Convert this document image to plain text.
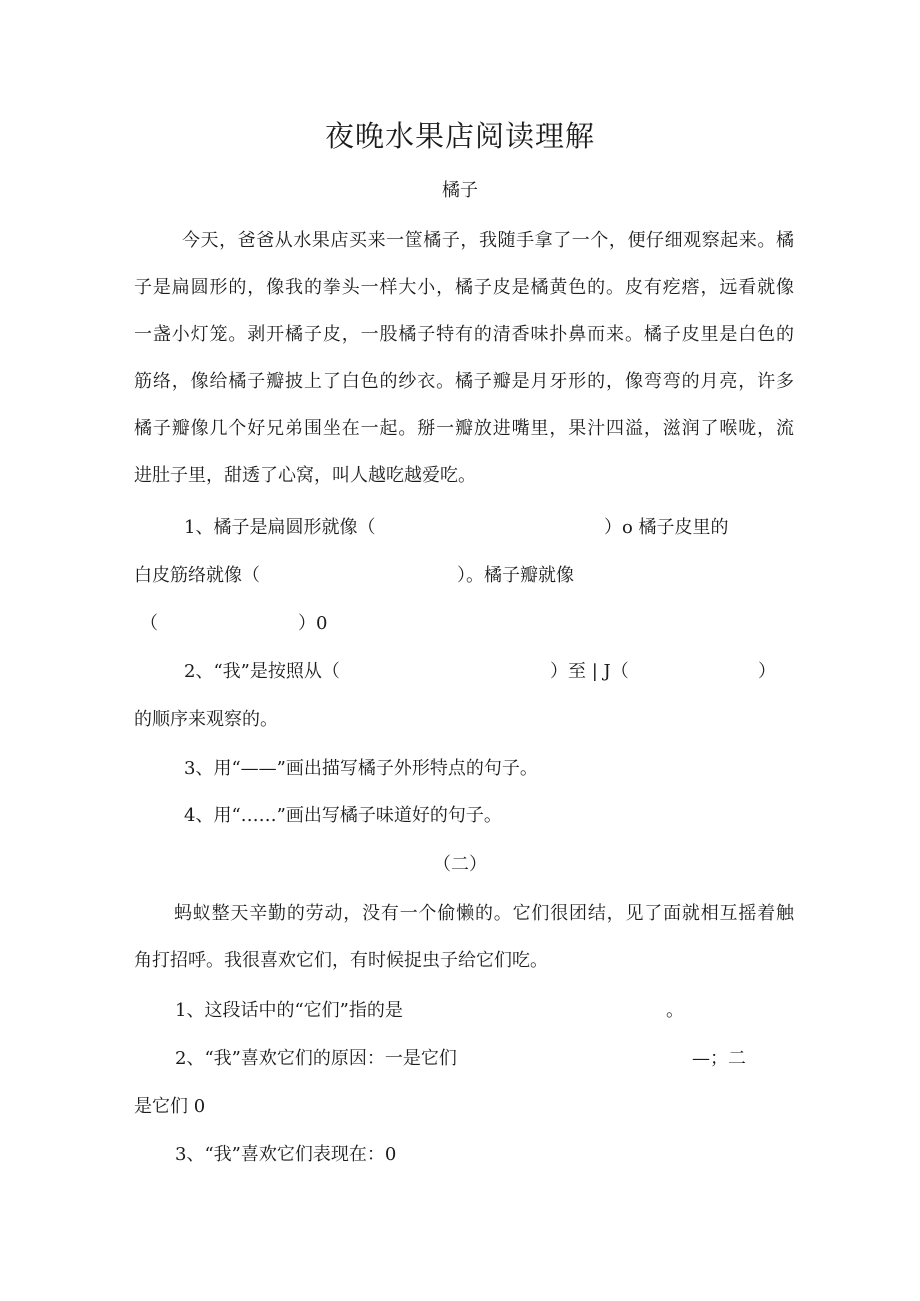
夜晚水果店阅读理解

橘子

今天，爸爸从水果店买来一筐橘子，我随手拿了一个，便仔细观察起来。橘

子是扁圆形的，像我的拳头一样大小，橘子皮是橘黄色的。皮有疙瘩，远看就像

一盏小灯笼。剥开橘子皮，一股橘子特有的清香味扑鼻而来。橘子皮里是白色的

筋络，像给橘子瓣披上了白色的纱衣。橘子瓣是月牙形的，像弯弯的月亮，许多

橘子瓣像几个好兄弟围坐在一起。掰一瓣放进嘴里，果汁四溢，滋润了喉咙，流

进肚子里，甜透了心窝，叫人越吃越爱吃。

1、橘子是扁圆形就像（	）o 橘子皮里的
白皮筋络就像（	）。橘子瓣就像
（	）0
2、“我”是按照从（	）至 | J（	）
的顺序来观察的。

3、用“——”画出描写橘子外形特点的句子。

4、用“……”画出写橘子味道好的句子。

（二）

蚂蚁整天辛勤的劳动，没有一个偷懒的。它们很团结，见了面就相互摇着触

角打招呼。我很喜欢它们，有时候捉虫子给它们吃。

1、这段话中的“它们”指的是	。
2、“我”喜欢它们的原因：一是它们	—；二
是它们 0

3、“我”喜欢它们表现在：0
